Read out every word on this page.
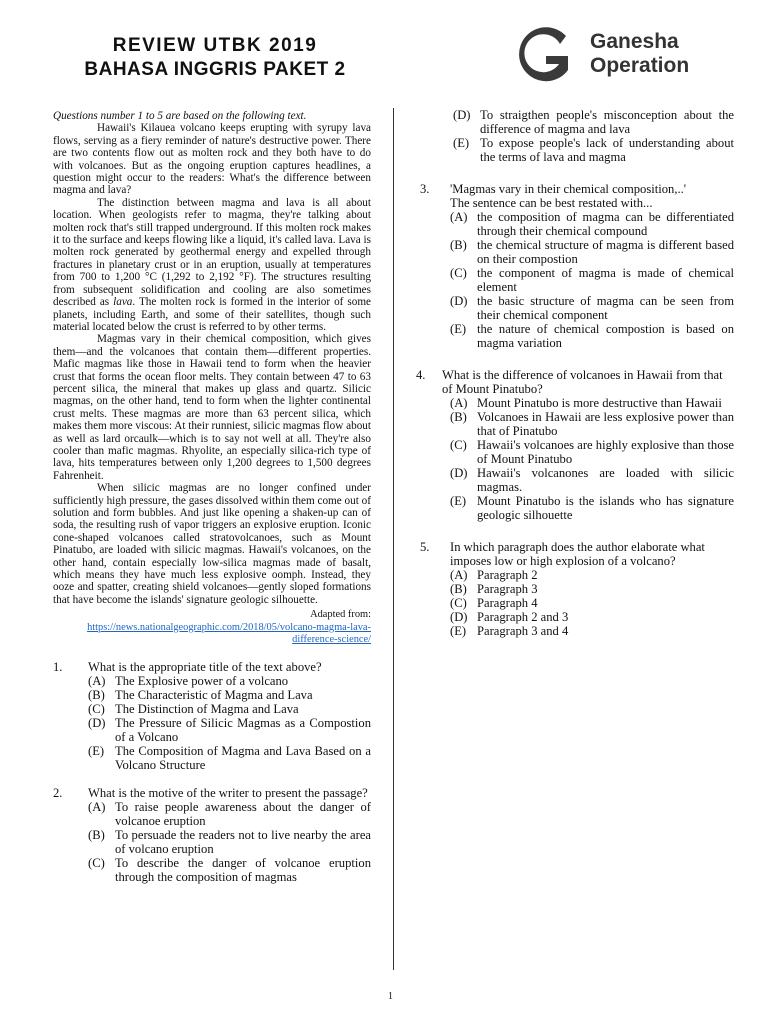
REVIEW UTBK 2019
BAHASA INGGRIS PAKET 2
Ganesha
Operation

Questions number 1 to 5 are based on the following text.

Hawaii's Kilauea volcano keeps erupting with syrupy lava flows, serving as a fiery reminder of nature's destructive power. There are two contents flow out as molten rock and they both have to do with volcanoes. But as the ongoing eruption captures headlines, a question might occur to the readers: What's the difference between magma and lava?

The distinction between magma and lava is all about location. When geologists refer to magma, they're talking about molten rock that's still trapped underground. If this molten rock makes it to the surface and keeps flowing like a liquid, it's called lava. Lava is molten rock generated by geothermal energy and expelled through fractures in planetary crust or in an eruption, usually at temperatures from 700 to 1,200 °C (1,292 to 2,192 °F). The structures resulting from subsequent solidification and cooling are also sometimes described as lava. The molten rock is formed in the interior of some planets, including Earth, and some of their satellites, though such material located below the crust is referred to by other terms.

Magmas vary in their chemical composition, which gives them—and the volcanoes that contain them—different properties. Mafic magmas like those in Hawaii tend to form when the heavier crust that forms the ocean floor melts. They contain between 47 to 63 percent silica, the mineral that makes up glass and quartz. Silicic magmas, on the other hand, tend to form when the lighter continental crust melts. These magmas are more than 63 percent silica, which makes them more viscous: At their runniest, silicic magmas flow about as well as lard orcaulk—which is to say not well at all. They're also cooler than mafic magmas. Rhyolite, an especially silica-rich type of lava, hits temperatures between only 1,200 degrees to 1,500 degrees Fahrenheit.

When silicic magmas are no longer confined under sufficiently high pressure, the gases dissolved within them come out of solution and form bubbles. And just like opening a shaken-up can of soda, the resulting rush of vapor triggers an explosive eruption. Iconic cone-shaped volcanoes called stratovolcanoes, such as Mount Pinatubo, are loaded with silicic magmas. Hawaii's volcanoes, on the other hand, contain especially low-silica magmas made of basalt, which means they have much less explosive oomph. Instead, they ooze and spatter, creating shield volcanoes—gently sloped formations that have become the islands' signature geologic silhouette.

Adapted from:

https://news.nationalgeographic.com/2018/05/volcano-magma-lava-difference-science/

1. What is the appropriate title of the text above?
(A) The Explosive power of a volcano
(B) The Characteristic of Magma and Lava
(C) The Distinction of Magma and Lava
(D) The Pressure of Silicic Magmas as a Compostion of a Volcano
(E) The Composition of Magma and Lava Based on a Volcano Structure
2. What is the motive of the writer to present the passage?
(A) To raise people awareness about the danger of volcanoe eruption
(B) To persuade the readers not to live nearby the area of volcano eruption
(C) To describe the danger of volcanoe eruption through the composition of magmas
(D) To straigthen people's misconception about the difference of magma and lava
(E) To expose people's lack of understanding about the terms of lava and magma
3. 'Magmas vary in their chemical composition,..'
The sentence can be best restated with...
(A) the composition of magma can be differentiated through their chemical compound
(B) the chemical structure of magma is different based on their compostion
(C) the component of magma is made of chemical element
(D) the basic structure of magma can be seen from their chemical component
(E) the nature of chemical compostion is based on magma variation
4. What is the difference of volcanoes in Hawaii from that of Mount Pinatubo?
(A) Mount Pinatubo is more destructive than Hawaii
(B) Volcanoes in Hawaii are less explosive power than that of Pinatubo
(C) Hawaii's volcanoes are highly explosive than those of Mount Pinatubo
(D) Hawaii's volcanones are loaded with silicic magmas.
(E) Mount Pinatubo is the islands who has signature geologic silhouette
5. In which paragraph does the author elaborate what imposes low or high explosion of a volcano?
(A) Paragraph 2
(B) Paragraph 3
(C) Paragraph 4
(D) Paragraph 2 and 3
(E) Paragraph 3 and 4
1
